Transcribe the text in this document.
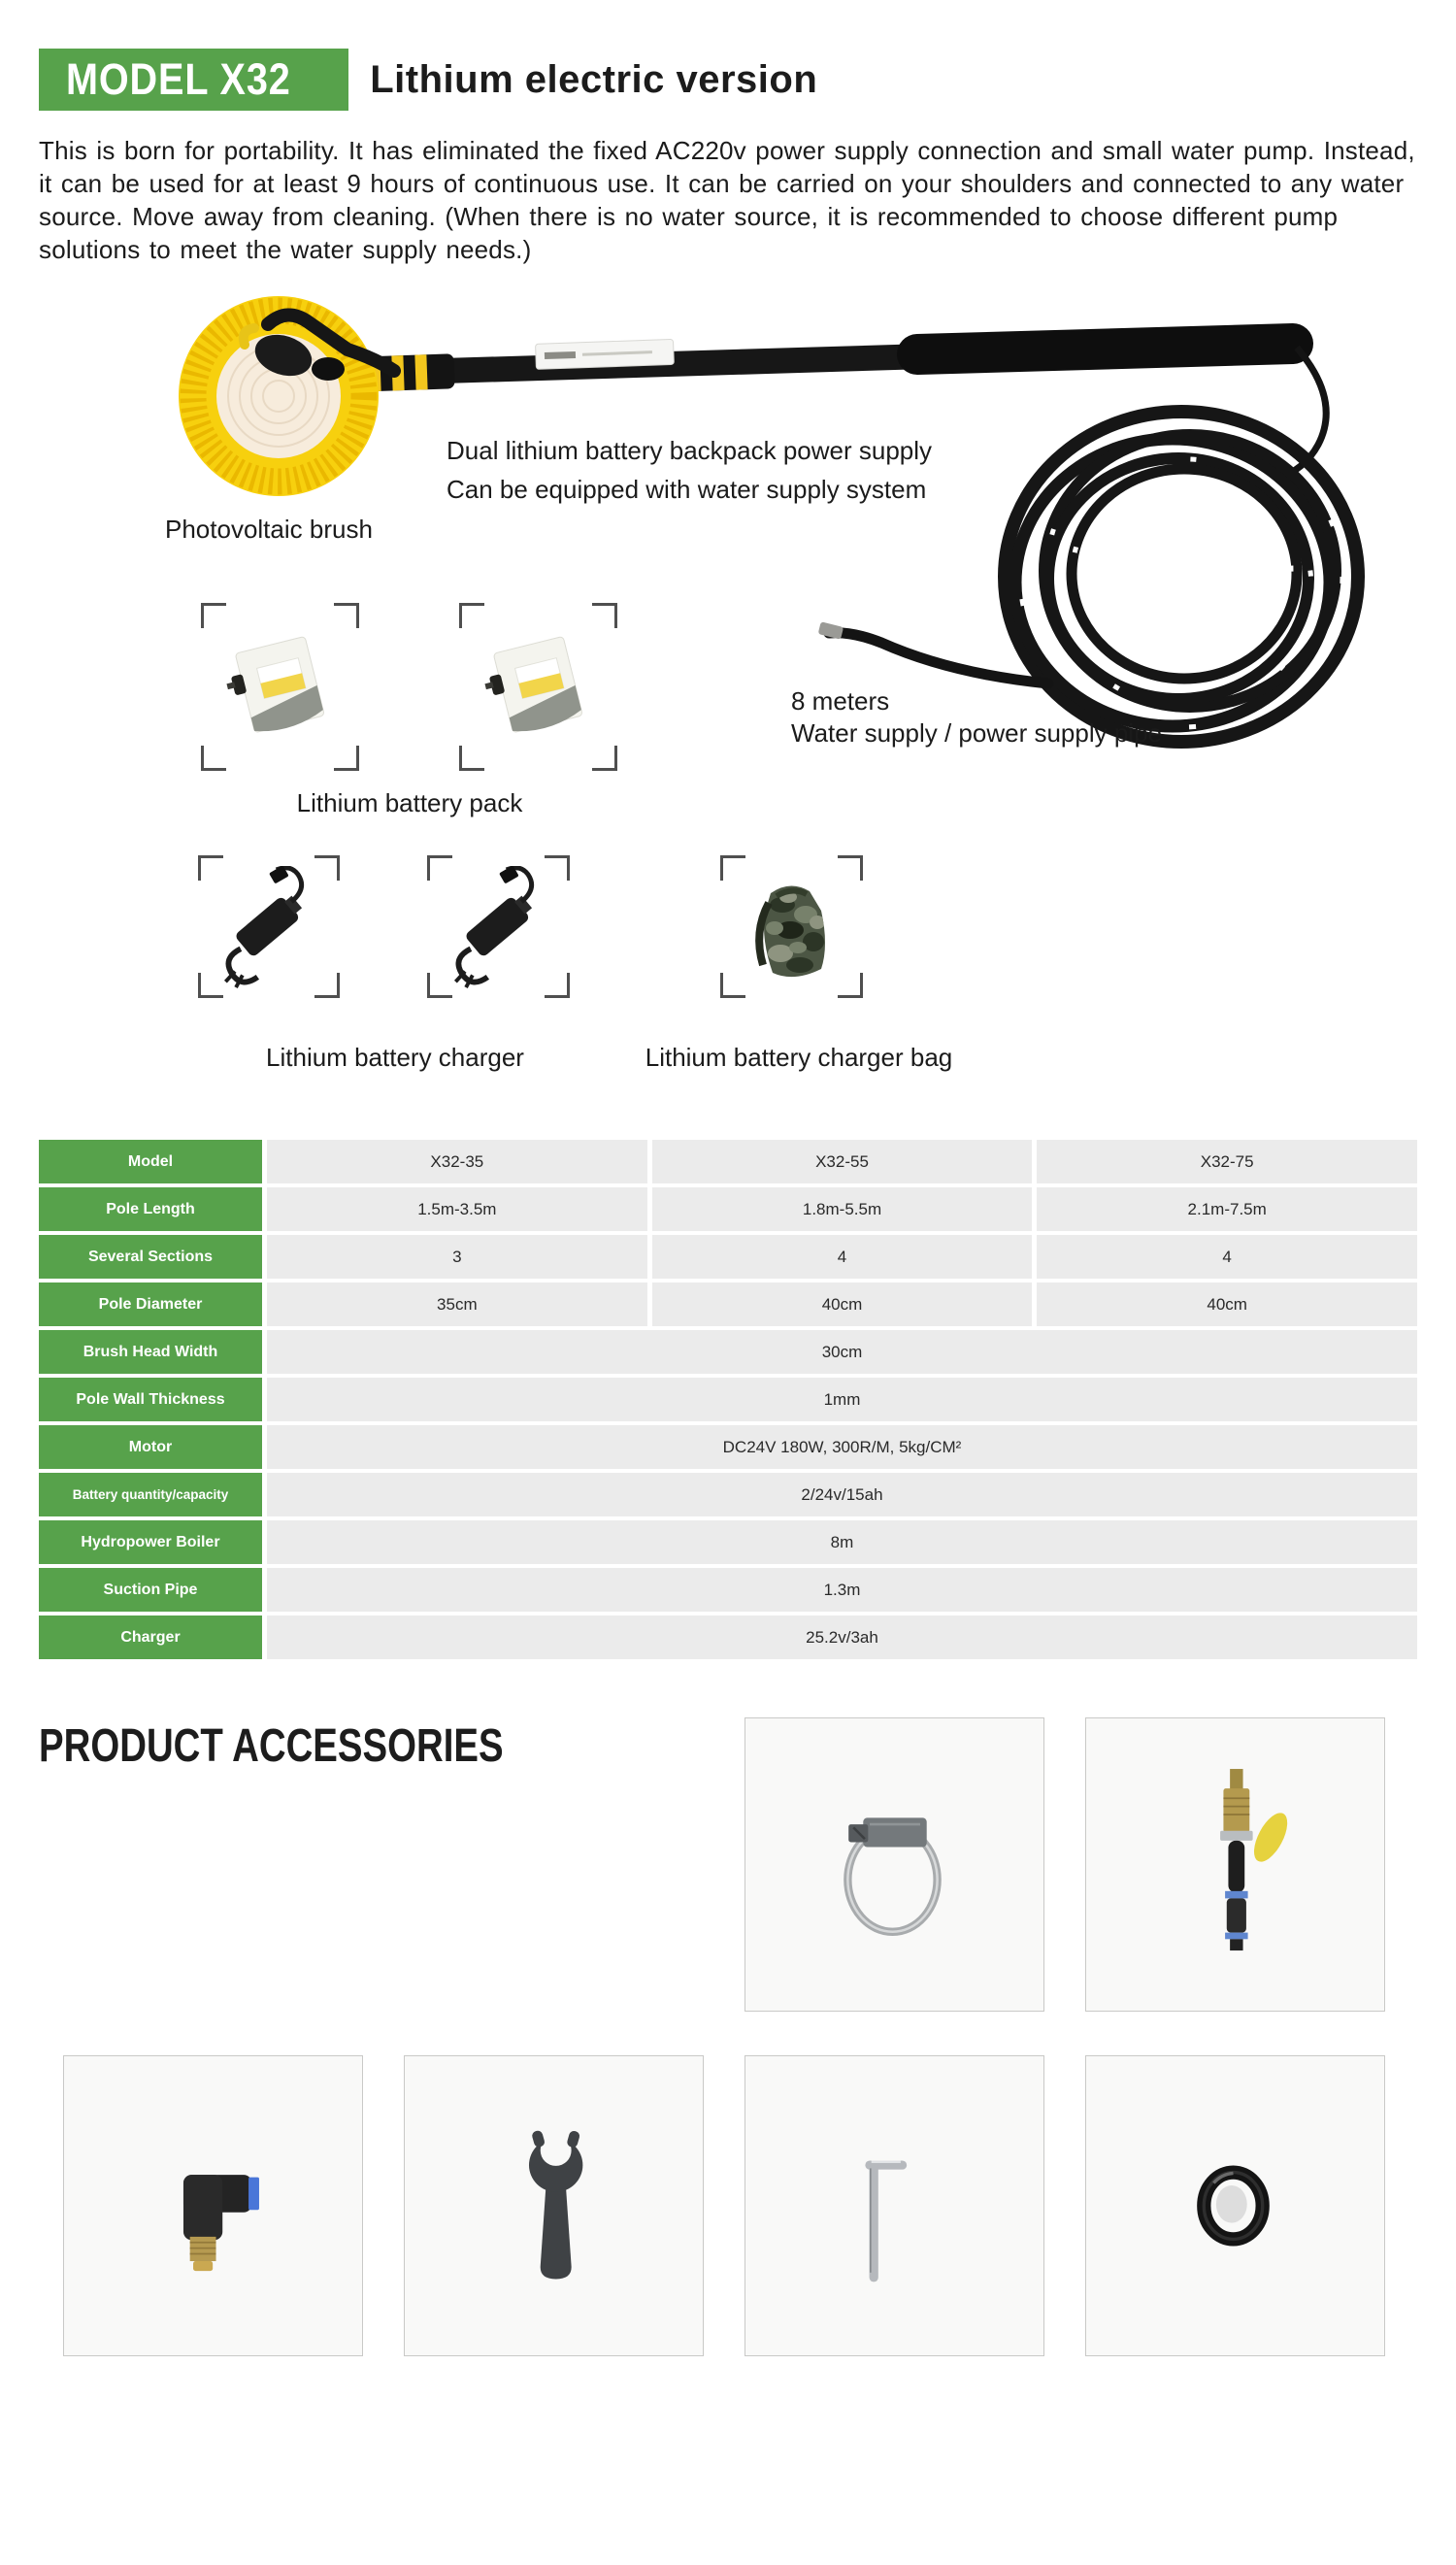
MODEL X32 Lithium electric version

This is born for portability. It has eliminated the fixed AC220v power supply connection and small water pump. Instead, it can be used for at least 9 hours of continuous use. It can be carried on your shoulders and connected to any water source. Move away from cleaning. (When there is no water source, it is recommended to choose different pump solutions to meet the water supply needs.)

Dual lithium battery backpack power supply
Can be equipped with water supply system
Photovoltaic brush
8 meters
Water supply / power supply pipe
Lithium battery pack
Lithium battery charger	Lithium battery charger bag
Model	X32-35	X32-55	X32-75
Pole Length	1.5m-3.5m	1.8m-5.5m	2.1m-7.5m
Several Sections	3	4	4
Pole Diameter	35cm	40cm	40cm
Brush Head Width	30cm
Pole Wall Thickness	1mm
Motor	DC24V 180W, 300R/M, 5kg/CM²
Battery quantity/capacity	2/24v/15ah
Hydropower Boiler	8m
Suction Pipe	1.3m
Charger	25.2v/3ah
PRODUCT ACCESSORIES
